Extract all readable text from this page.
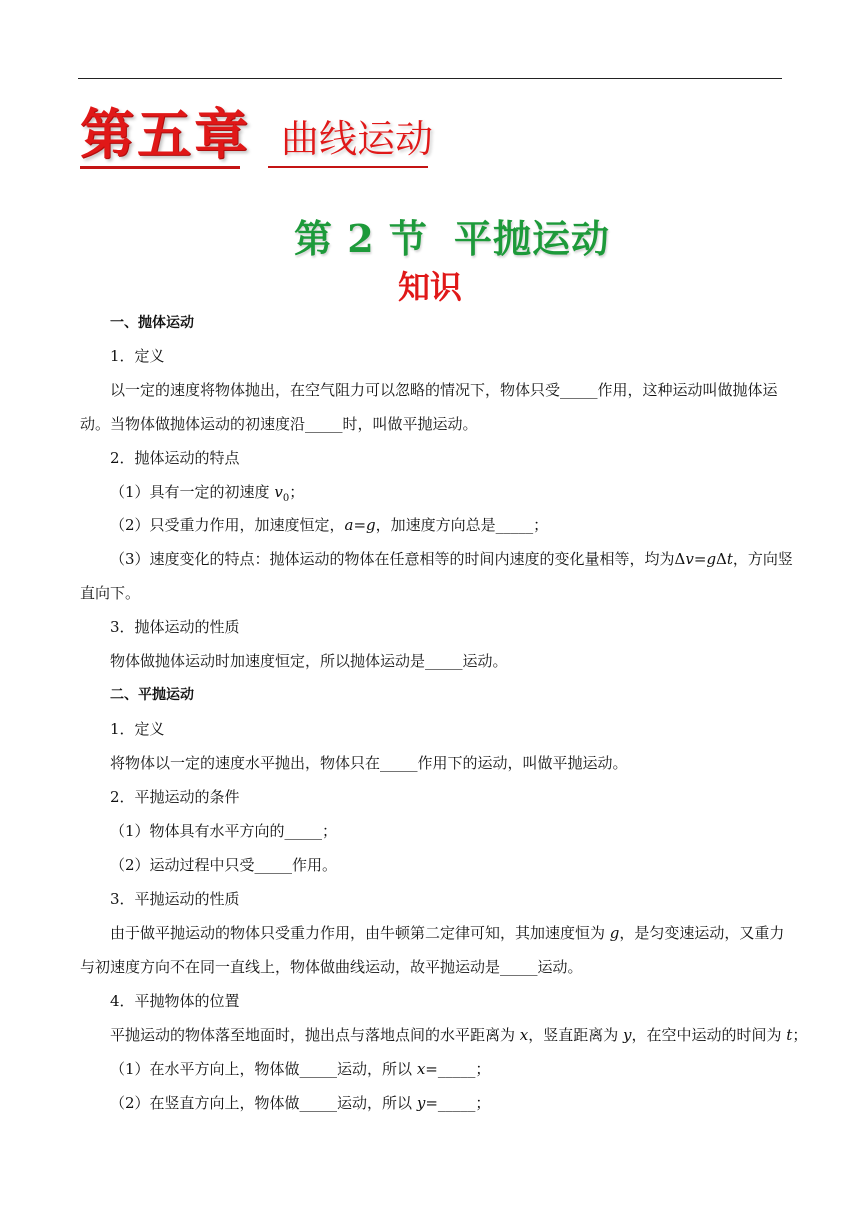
第五章 曲线运动
第 2 节 平抛运动
知识
一、抛体运动
1．定义
以一定的速度将物体抛出，在空气阻力可以忽略的情况下，物体只受_____作用，这种运动叫做抛体运
动。当物体做抛体运动的初速度沿_____时，叫做平抛运动。
2．抛体运动的特点
（1）具有一定的初速度 $v_0$；
（2）只受重力作用，加速度恒定，a=g，加速度方向总是_____；
（3）速度变化的特点：抛体运动的物体在任意相等的时间内速度的变化量相等，均为Δv=gΔt，方向竖
直向下。
3．抛体运动的性质
物体做抛体运动时加速度恒定，所以抛体运动是_____运动。
二、平抛运动
1．定义
将物体以一定的速度水平抛出，物体只在_____作用下的运动，叫做平抛运动。
2．平抛运动的条件
（1）物体具有水平方向的_____；
（2）运动过程中只受_____作用。
3．平抛运动的性质
由于做平抛运动的物体只受重力作用，由牛顿第二定律可知，其加速度恒为 g，是匀变速运动，又重力
与初速度方向不在同一直线上，物体做曲线运动，故平抛运动是_____运动。
4．平抛物体的位置
平抛运动的物体落至地面时，抛出点与落地点间的水平距离为 x，竖直距离为 y，在空中运动的时间为 t；
（1）在水平方向上，物体做_____运动，所以 x=_____；
（2）在竖直方向上，物体做_____运动，所以 y=_____；
